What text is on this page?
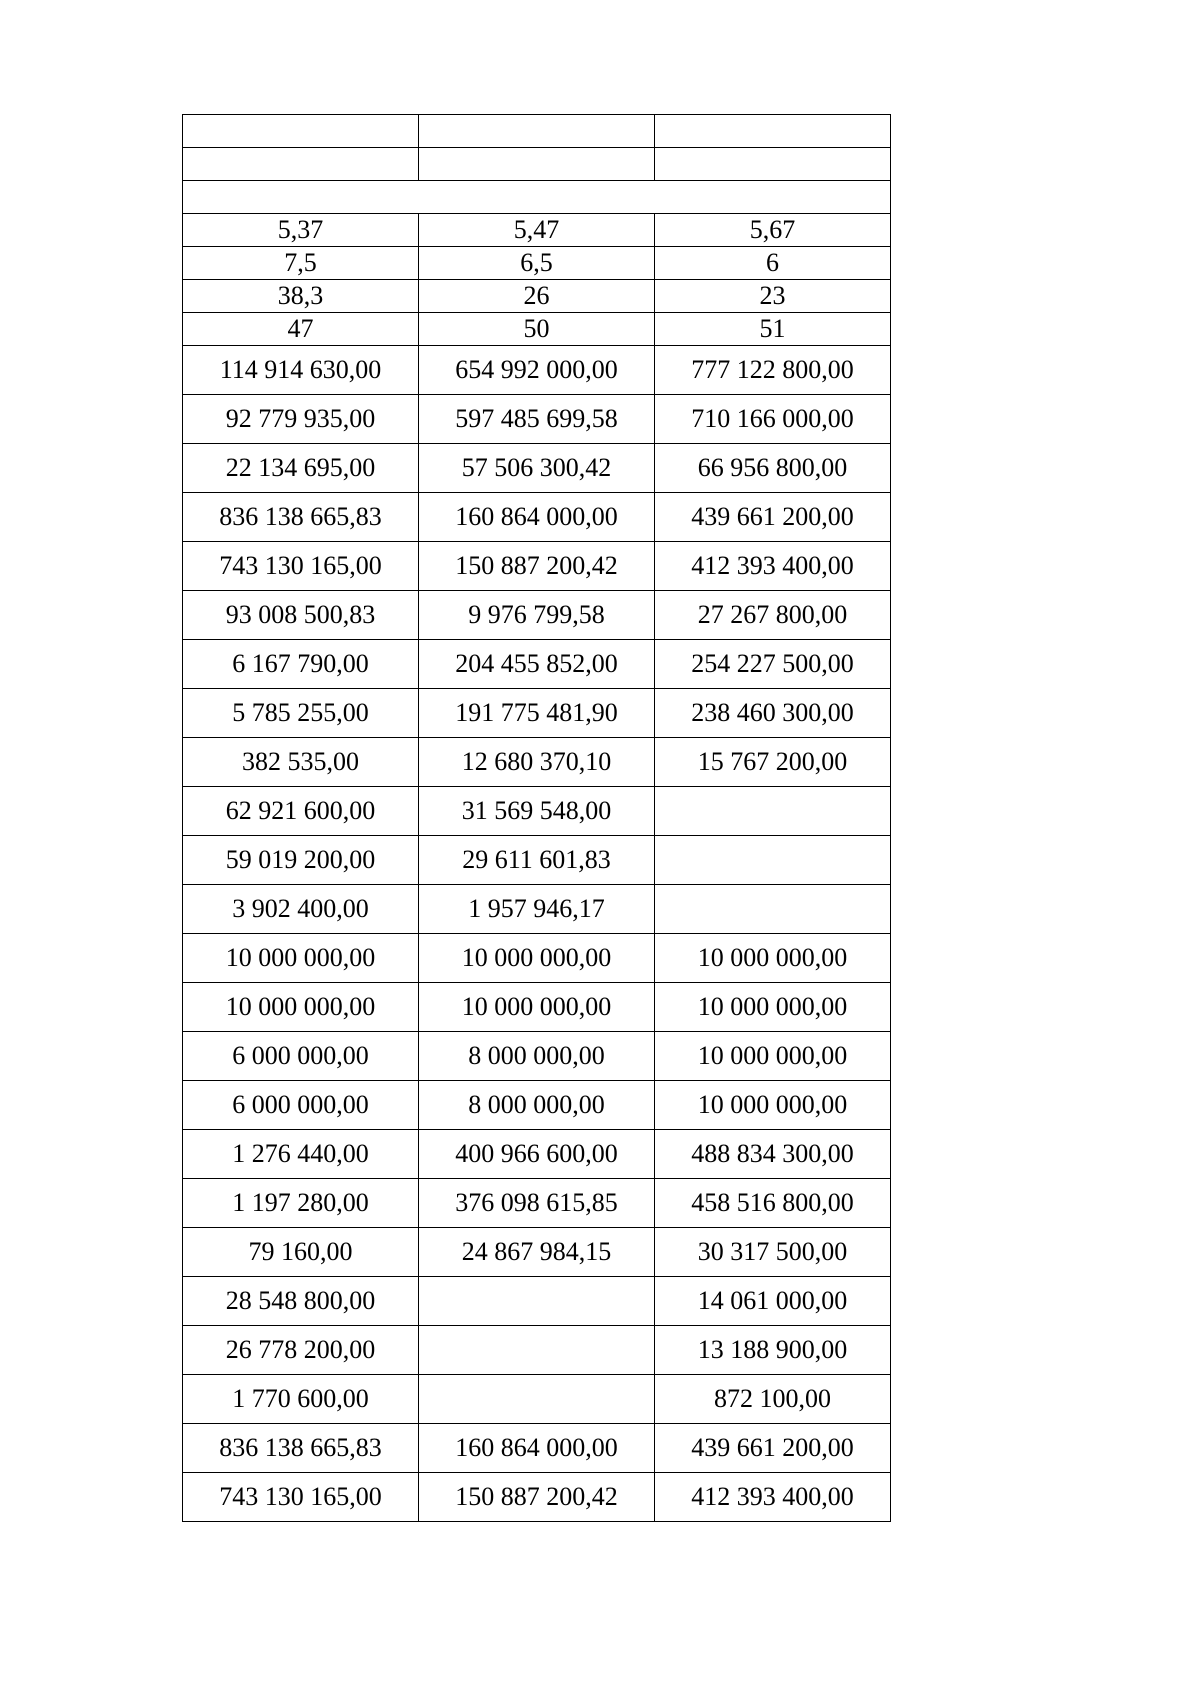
5,37	5,47	5,67
7,5	6,5	6
38,3	26	23
47	50	51
114 914 630,00	654 992 000,00	777 122 800,00
92 779 935,00	597 485 699,58	710 166 000,00
22 134 695,00	57 506 300,42	66 956 800,00
836 138 665,83	160 864 000,00	439 661 200,00
743 130 165,00	150 887 200,42	412 393 400,00
93 008 500,83	9 976 799,58	27 267 800,00
6 167 790,00	204 455 852,00	254 227 500,00
5 785 255,00	191 775 481,90	238 460 300,00
382 535,00	12 680 370,10	15 767 200,00
62 921 600,00	31 569 548,00	
59 019 200,00	29 611 601,83	
3 902 400,00	1 957 946,17	
10 000 000,00	10 000 000,00	10 000 000,00
10 000 000,00	10 000 000,00	10 000 000,00
6 000 000,00	8 000 000,00	10 000 000,00
6 000 000,00	8 000 000,00	10 000 000,00
1 276 440,00	400 966 600,00	488 834 300,00
1 197 280,00	376 098 615,85	458 516 800,00
79 160,00	24 867 984,15	30 317 500,00
28 548 800,00		14 061 000,00
26 778 200,00		13 188 900,00
1 770 600,00		872 100,00
836 138 665,83	160 864 000,00	439 661 200,00
743 130 165,00	150 887 200,42	412 393 400,00
